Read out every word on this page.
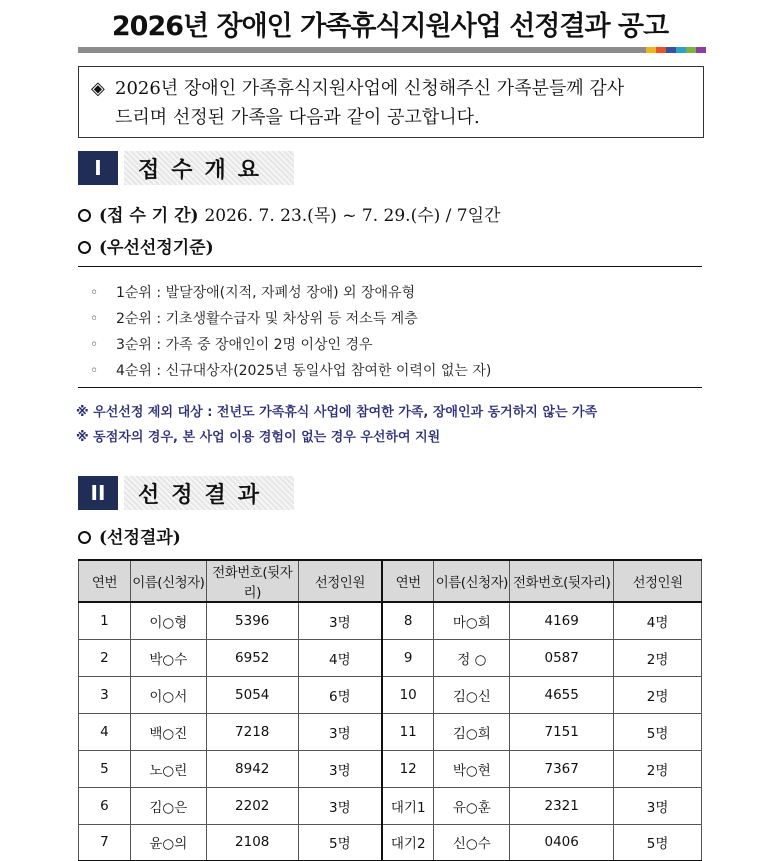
2026년 장애인 가족휴식지원사업 선정결과 공고
◈ 2026년 장애인 가족휴식지원사업에 신청해주신 가족분들께 감사
드리며 선정된 가족을 다음과 같이 공고합니다.
I	접수개요
(접 수 기 간) 2026. 7. 23.(목) ~ 7. 29.(수) / 7일간
(우선선정기준)
◦ 1순위 : 발달장애(지적, 자폐성 장애) 외 장애유형
◦ 2순위 : 기초생활수급자 및 차상위 등 저소득 계층
◦ 3순위 : 가족 중 장애인이 2명 이상인 경우
◦ 4순위 : 신규대상자(2025년 동일사업 참여한 이력이 없는 자)
※ 우선선정 제외 대상 : 전년도 가족휴식 사업에 참여한 가족, 장애인과 동거하지 않는 가족
※ 동점자의 경우, 본 사업 이용 경험이 없는 경우 우선하여 지원
II	선정결과
(선정결과)
연번	이름(신청자)	전화번호(뒷자리)	선정인원	연번	이름(신청자)	전화번호(뒷자리)	선정인원
1	이○형	5396	3명	8	마○희	4169	4명
2	박○수	6952	4명	9	정 ○	0587	2명
3	이○서	5054	6명	10	김○신	4655	2명
4	백○진	7218	3명	11	김○희	7151	5명
5	노○린	8942	3명	12	박○현	7367	2명
6	김○은	2202	3명	대기1	유○훈	2321	3명
7	윤○의	2108	5명	대기2	신○수	0406	5명
